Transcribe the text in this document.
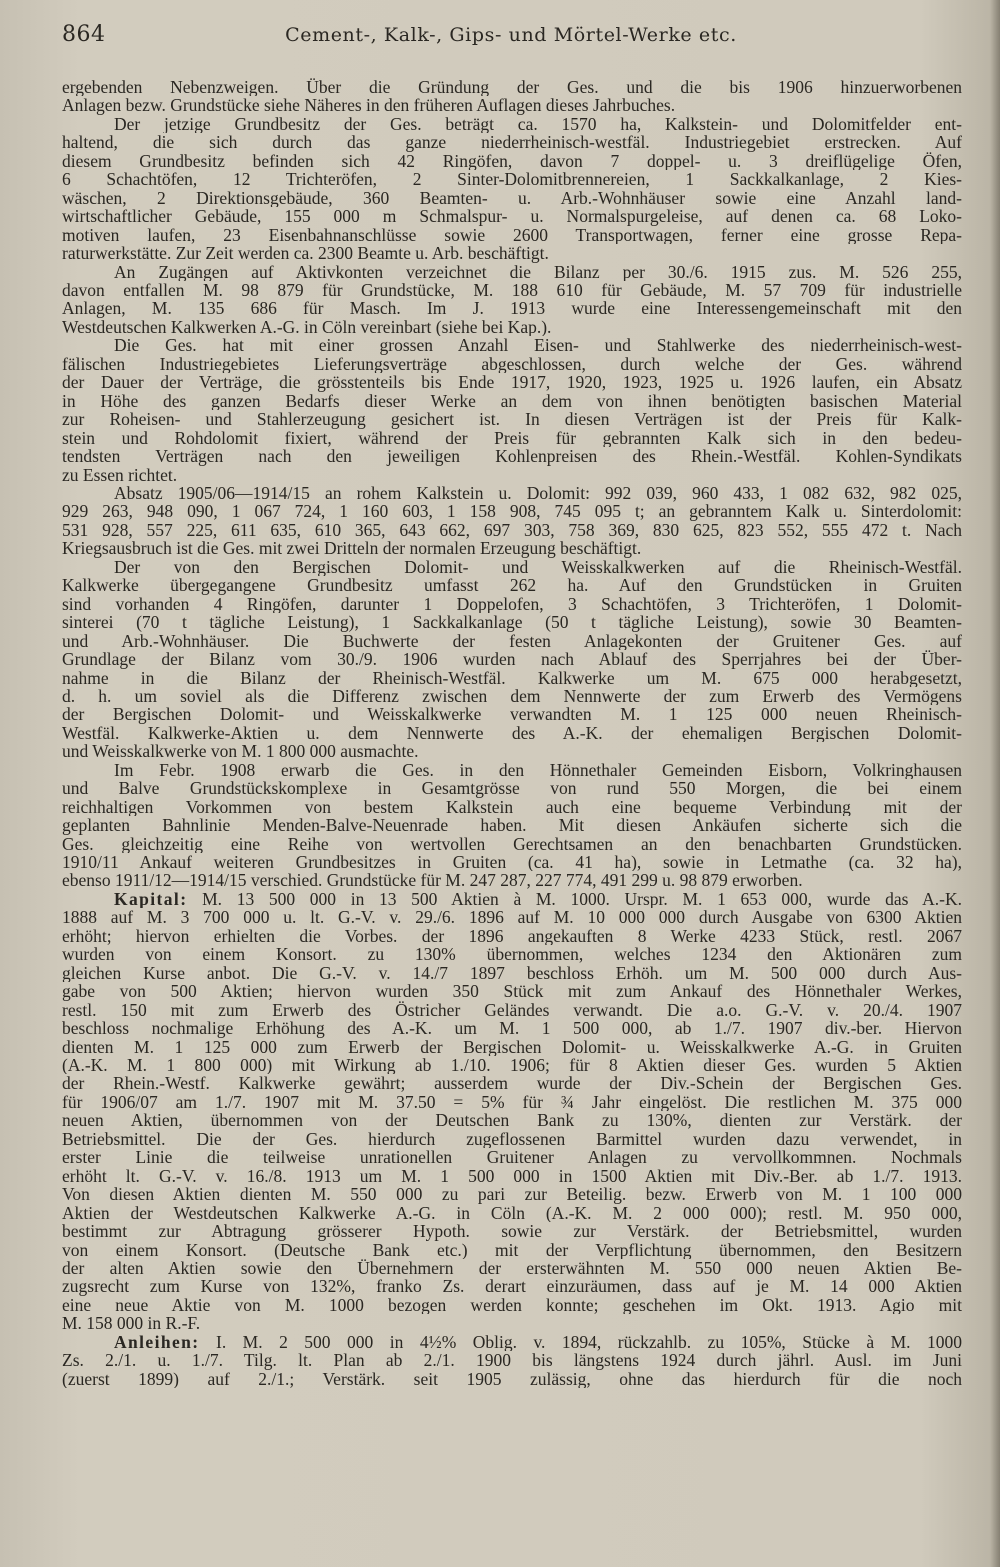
864	Cement-, Kalk-, Gips- und Mörtel-Werke etc.
ergebenden Nebenzweigen. Über die Gründung der Ges. und die bis 1906 hinzuerworbenen
Anlagen bezw. Grundstücke siehe Näheres in den früheren Auflagen dieses Jahrbuches.
Der jetzige Grundbesitz der Ges. beträgt ca. 1570 ha, Kalkstein- und Dolomitfelder ent-
haltend, die sich durch das ganze niederrheinisch-westfäl. Industriegebiet erstrecken. Auf
diesem Grundbesitz befinden sich 42 Ringöfen, davon 7 doppel- u. 3 dreiflügelige Öfen,
6 Schachtöfen, 12 Trichteröfen, 2 Sinter-Dolomitbrennereien, 1 Sackkalkanlage, 2 Kies-
wäschen, 2 Direktionsgebäude, 360 Beamten- u. Arb.-Wohnhäuser sowie eine Anzahl land-
wirtschaftlicher Gebäude, 155 000 m Schmalspur- u. Normalspurgeleise, auf denen ca. 68 Loko-
motiven laufen, 23 Eisenbahnanschlüsse sowie 2600 Transportwagen, ferner eine grosse Repa-
raturwerkstätte. Zur Zeit werden ca. 2300 Beamte u. Arb. beschäftigt.
An Zugängen auf Aktivkonten verzeichnet die Bilanz per 30./6. 1915 zus. M. 526 255,
davon entfallen M. 98 879 für Grundstücke, M. 188 610 für Gebäude, M. 57 709 für industrielle
Anlagen, M. 135 686 für Masch. Im J. 1913 wurde eine Interessengemeinschaft mit den
Westdeutschen Kalkwerken A.-G. in Cöln vereinbart (siehe bei Kap.).
Die Ges. hat mit einer grossen Anzahl Eisen- und Stahlwerke des niederrheinisch-west-
fälischen Industriegebietes Lieferungsverträge abgeschlossen, durch welche der Ges. während
der Dauer der Verträge, die grösstenteils bis Ende 1917, 1920, 1923, 1925 u. 1926 laufen, ein Absatz
in Höhe des ganzen Bedarfs dieser Werke an dem von ihnen benötigten basischen Material
zur Roheisen- und Stahlerzeugung gesichert ist. In diesen Verträgen ist der Preis für Kalk-
stein und Rohdolomit fixiert, während der Preis für gebrannten Kalk sich in den bedeu-
tendsten Verträgen nach den jeweiligen Kohlenpreisen des Rhein.-Westfäl. Kohlen-Syndikats
zu Essen richtet.
Absatz 1905/06—1914/15 an rohem Kalkstein u. Dolomit: 992 039, 960 433, 1 082 632, 982 025,
929 263, 948 090, 1 067 724, 1 160 603, 1 158 908, 745 095 t; an gebranntem Kalk u. Sinterdolomit:
531 928, 557 225, 611 635, 610 365, 643 662, 697 303, 758 369, 830 625, 823 552, 555 472 t. Nach
Kriegsausbruch ist die Ges. mit zwei Dritteln der normalen Erzeugung beschäftigt.
Der von den Bergischen Dolomit- und Weisskalkwerken auf die Rheinisch-Westfäl.
Kalkwerke übergegangene Grundbesitz umfasst 262 ha. Auf den Grundstücken in Gruiten
sind vorhanden 4 Ringöfen, darunter 1 Doppelofen, 3 Schachtöfen, 3 Trichteröfen, 1 Dolomit-
sinterei (70 t tägliche Leistung), 1 Sackkalkanlage (50 t tägliche Leistung), sowie 30 Beamten-
und Arb.-Wohnhäuser. Die Buchwerte der festen Anlagekonten der Gruitener Ges. auf
Grundlage der Bilanz vom 30./9. 1906 wurden nach Ablauf des Sperrjahres bei der Über-
nahme in die Bilanz der Rheinisch-Westfäl. Kalkwerke um M. 675 000 herabgesetzt,
d. h. um soviel als die Differenz zwischen dem Nennwerte der zum Erwerb des Vermögens
der Bergischen Dolomit- und Weisskalkwerke verwandten M. 1 125 000 neuen Rheinisch-
Westfäl. Kalkwerke-Aktien u. dem Nennwerte des A.-K. der ehemaligen Bergischen Dolomit-
und Weisskalkwerke von M. 1 800 000 ausmachte.
Im Febr. 1908 erwarb die Ges. in den Hönnethaler Gemeinden Eisborn, Volkringhausen
und Balve Grundstückskomplexe in Gesamtgrösse von rund 550 Morgen, die bei einem
reichhaltigen Vorkommen von bestem Kalkstein auch eine bequeme Verbindung mit der
geplanten Bahnlinie Menden-Balve-Neuenrade haben. Mit diesen Ankäufen sicherte sich die
Ges. gleichzeitig eine Reihe von wertvollen Gerechtsamen an den benachbarten Grundstücken.
1910/11 Ankauf weiteren Grundbesitzes in Gruiten (ca. 41 ha), sowie in Letmathe (ca. 32 ha),
ebenso 1911/12—1914/15 verschied. Grundstücke für M. 247 287, 227 774, 491 299 u. 98 879 erworben.
Kapital: M. 13 500 000 in 13 500 Aktien à M. 1000. Urspr. M. 1 653 000, wurde das A.-K.
1888 auf M. 3 700 000 u. lt. G.-V. v. 29./6. 1896 auf M. 10 000 000 durch Ausgabe von 6300 Aktien
erhöht; hiervon erhielten die Vorbes. der 1896 angekauften 8 Werke 4233 Stück, restl. 2067
wurden von einem Konsort. zu 130% übernommen, welches 1234 den Aktionären zum
gleichen Kurse anbot. Die G.-V. v. 14./7 1897 beschloss Erhöh. um M. 500 000 durch Aus-
gabe von 500 Aktien; hiervon wurden 350 Stück mit zum Ankauf des Hönnethaler Werkes,
restl. 150 mit zum Erwerb des Östricher Geländes verwandt. Die a.o. G.-V. v. 20./4. 1907
beschloss nochmalige Erhöhung des A.-K. um M. 1 500 000, ab 1./7. 1907 div.-ber. Hiervon
dienten M. 1 125 000 zum Erwerb der Bergischen Dolomit- u. Weisskalkwerke A.-G. in Gruiten
(A.-K. M. 1 800 000) mit Wirkung ab 1./10. 1906; für 8 Aktien dieser Ges. wurden 5 Aktien
der Rhein.-Westf. Kalkwerke gewährt; ausserdem wurde der Div.-Schein der Bergischen Ges.
für 1906/07 am 1./7. 1907 mit M. 37.50 = 5% für ¾ Jahr eingelöst. Die restlichen M. 375 000
neuen Aktien, übernommen von der Deutschen Bank zu 130%, dienten zur Verstärk. der
Betriebsmittel. Die der Ges. hierdurch zugeflossenen Barmittel wurden dazu verwendet, in
erster Linie die teilweise unrationellen Gruitener Anlagen zu vervollkommnen. Nochmals
erhöht lt. G.-V. v. 16./8. 1913 um M. 1 500 000 in 1500 Aktien mit Div.-Ber. ab 1./7. 1913.
Von diesen Aktien dienten M. 550 000 zu pari zur Beteilig. bezw. Erwerb von M. 1 100 000
Aktien der Westdeutschen Kalkwerke A.-G. in Cöln (A.-K. M. 2 000 000); restl. M. 950 000,
bestimmt zur Abtragung grösserer Hypoth. sowie zur Verstärk. der Betriebsmittel, wurden
von einem Konsort. (Deutsche Bank etc.) mit der Verpflichtung übernommen, den Besitzern
der alten Aktien sowie den Übernehmern der ersterwähnten M. 550 000 neuen Aktien Be-
zugsrecht zum Kurse von 132%, franko Zs. derart einzuräumen, dass auf je M. 14 000 Aktien
eine neue Aktie von M. 1000 bezogen werden konnte; geschehen im Okt. 1913. Agio mit
M. 158 000 in R.-F.
Anleihen: I. M. 2 500 000 in 4½% Oblig. v. 1894, rückzahlb. zu 105%, Stücke à M. 1000
Zs. 2./1. u. 1./7. Tilg. lt. Plan ab 2./1. 1900 bis längstens 1924 durch jährl. Ausl. im Juni
(zuerst 1899) auf 2./1.; Verstärk. seit 1905 zulässig, ohne das hierdurch für die noch
